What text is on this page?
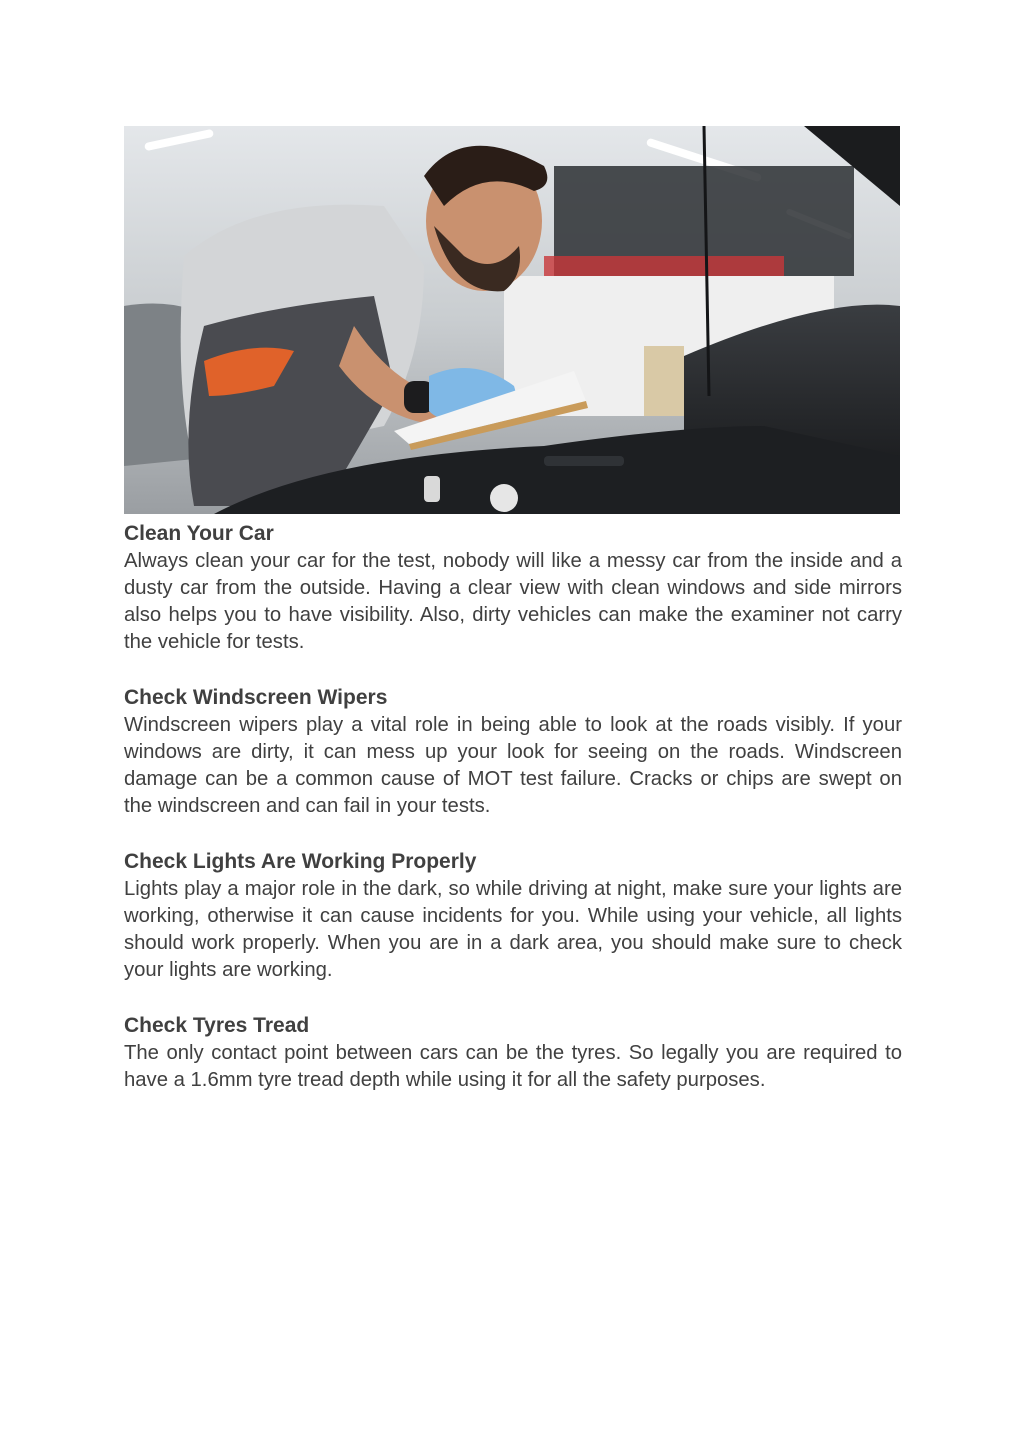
Clean Your Car

Always clean your car for the test, nobody will like a messy car from the inside and a dusty car from the outside. Having a clear view with clean windows and side mirrors also helps you to have visibility. Also, dirty vehicles can make the examiner not carry the vehicle for tests.

Check Windscreen Wipers

Windscreen wipers play a vital role in being able to look at the roads visibly. If your windows are dirty, it can mess up your look for seeing on the roads. Windscreen damage can be a common cause of MOT test failure. Cracks or chips are swept on the windscreen and can fail in your tests.

Check Lights Are Working Properly

Lights play a major role in the dark, so while driving at night, make sure your lights are working, otherwise it can cause incidents for you. While using your vehicle, all lights should work properly. When you are in a dark area, you should make sure to check your lights are working.

Check Tyres Tread

The only contact point between cars can be the tyres. So legally you are required to have a 1.6mm tyre tread depth while using it for all the safety purposes.
